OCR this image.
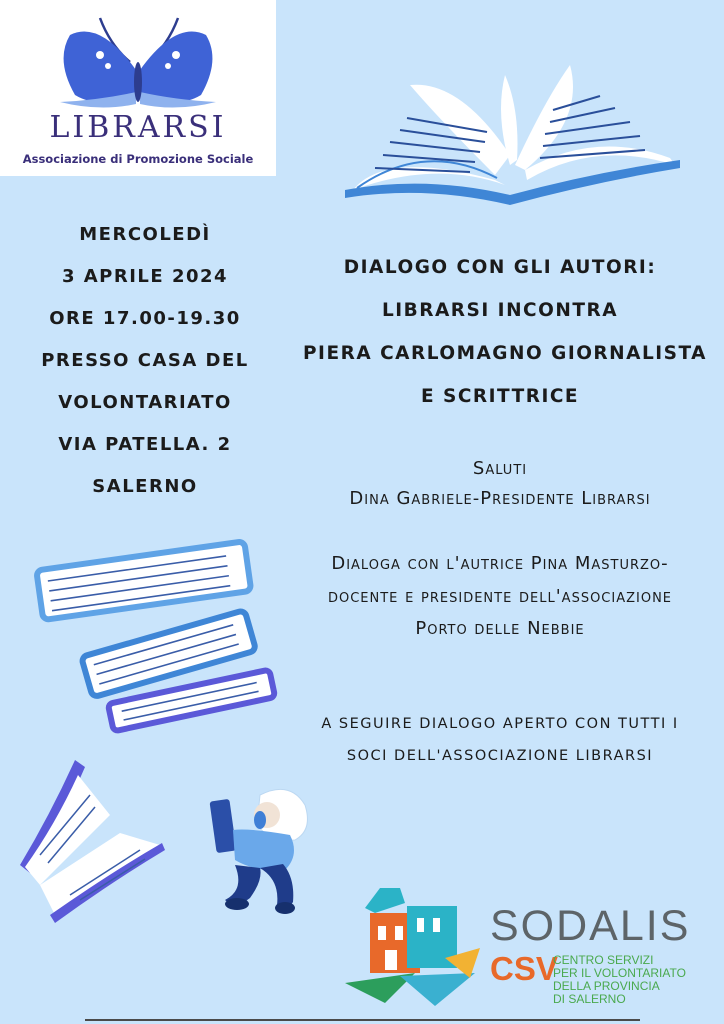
LIBRARSI
Associazione di Promozione Sociale
MERCOLEDÌ
3 APRILE 2024
ORE 17.00-19.30
PRESSO CASA DEL
VOLONTARIATO
VIA PATELLA. 2
SALERNO
DIALOGO CON GLI AUTORI:
LIBRARSI INCONTRA
PIERA CARLOMAGNO GIORNALISTA
E SCRITTRICE
Saluti
Dina Gabriele-Presidente Librarsi
Dialoga con l'autrice Pina Masturzo-
docente e presidente dell'associazione
Porto delle Nebbie
A SEGUIRE DIALOGO APERTO CON TUTTI I
SOCI DELL'ASSOCIAZIONE LIBRARSI
SODALIS
CSV
CENTRO SERVIZI
PER IL VOLONTARIATO
DELLA PROVINCIA
DI SALERNO
